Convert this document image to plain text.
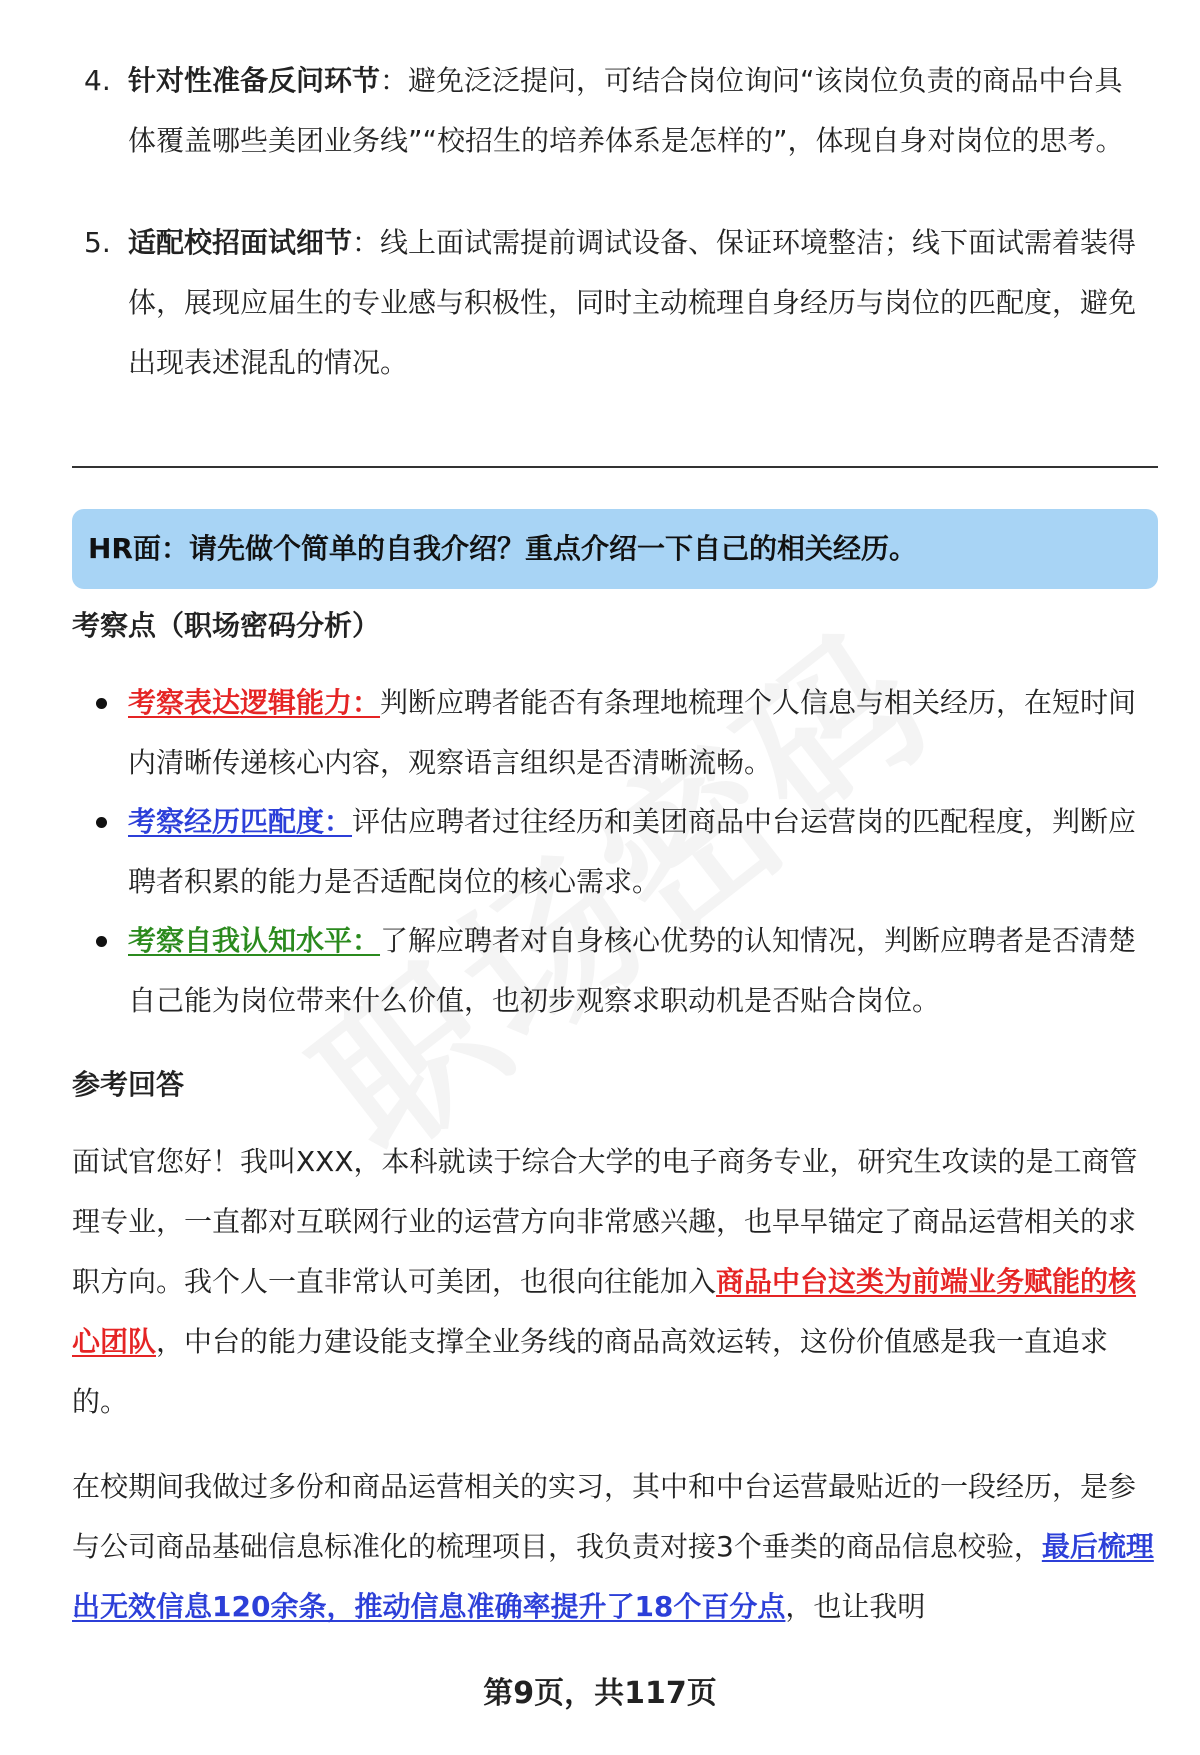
4. 针对性准备反问环节：避免泛泛提问，可结合岗位询问“该岗位负责的商品中台具体覆盖哪些美团业务线”“校招生的培养体系是怎样的”，体现自身对岗位的思考。
5. 适配校招面试细节：线上面试需提前调试设备、保证环境整洁；线下面试需着装得体，展现应届生的专业感与积极性，同时主动梳理自身经历与岗位的匹配度，避免出现表述混乱的情况。
HR面：请先做个简单的自我介绍？重点介绍一下自己的相关经历。
考察点（职场密码分析）
考察表达逻辑能力：判断应聘者能否有条理地梳理个人信息与相关经历，在短时间内清晰传递核心内容，观察语言组织是否清晰流畅。
考察经历匹配度：评估应聘者过往经历和美团商品中台运营岗的匹配程度，判断应聘者积累的能力是否适配岗位的核心需求。
考察自我认知水平：了解应聘者对自身核心优势的认知情况，判断应聘者是否清楚自己能为岗位带来什么价值，也初步观察求职动机是否贴合岗位。
参考回答
面试官您好！我叫XXX，本科就读于综合大学的电子商务专业，研究生攻读的是工商管理专业，一直都对互联网行业的运营方向非常感兴趣，也早早锚定了商品运营相关的求职方向。我个人一直非常认可美团，也很向往能加入商品中台这类为前端业务赋能的核心团队，中台的能力建设能支撑全业务线的商品高效运转，这份价值感是我一直追求的。
在校期间我做过多份和商品运营相关的实习，其中和中台运营最贴近的一段经历，是参与公司商品基础信息标准化的梳理项目，我负责对接3个垂类的商品信息校验，最后梳理出无效信息120余条，推动信息准确率提升了18个百分点，也让我明
第9页，共117页
